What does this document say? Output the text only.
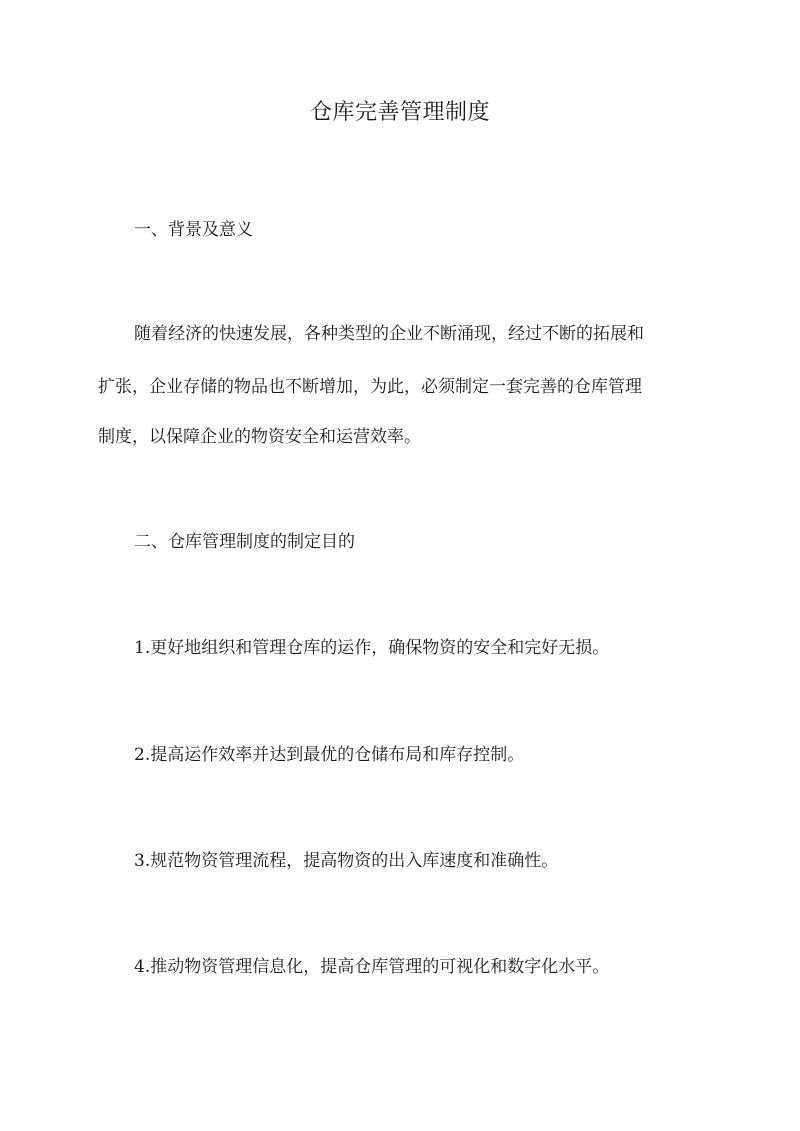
仓库完善管理制度
一、背景及意义

随着经济的快速发展，各种类型的企业不断涌现，经过不断的拓展和

扩张，企业存储的物品也不断增加，为此，必须制定一套完善的仓库管理

制度，以保障企业的物资安全和运营效率。

二、仓库管理制度的制定目的

1.更好地组织和管理仓库的运作，确保物资的安全和完好无损。

2.提高运作效率并达到最优的仓储布局和库存控制。

3.规范物资管理流程，提高物资的出入库速度和准确性。

4.推动物资管理信息化，提高仓库管理的可视化和数字化水平。
